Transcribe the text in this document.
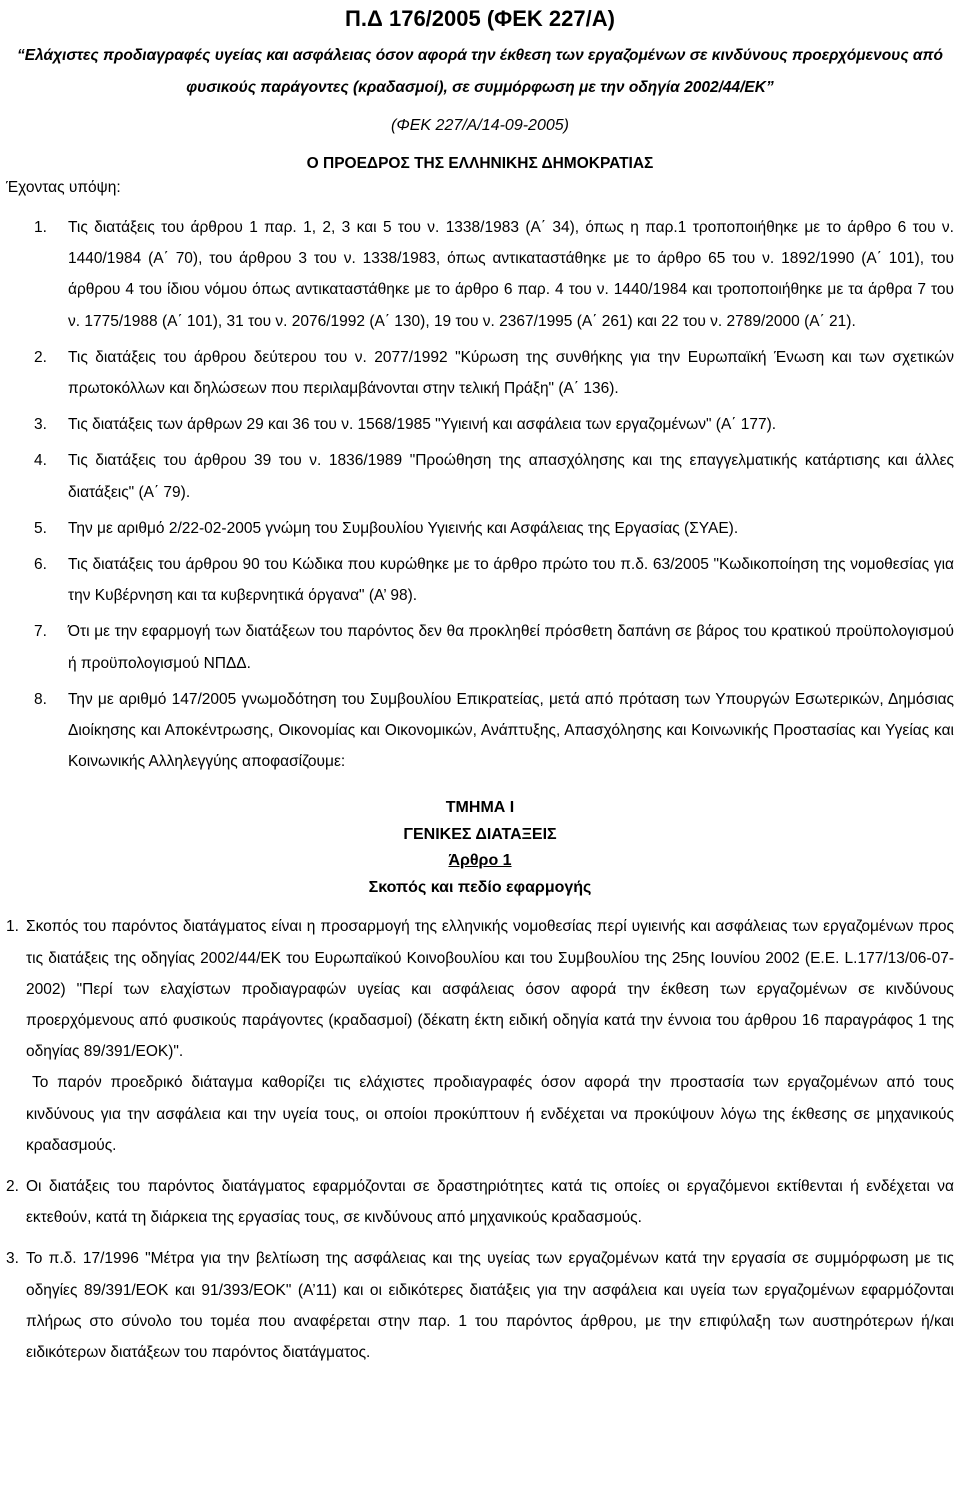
Π.Δ 176/2005 (ΦΕΚ 227/Α)

“Ελάχιστες προδιαγραφές υγείας και ασφάλειας όσον αφορά την έκθεση των εργαζομένων σε κινδύνους προερχόμενους από φυσικούς παράγοντες (κραδασμοί), σε συμμόρφωση με την οδηγία 2002/44/ΕΚ”

(ΦΕΚ 227/Α/14-09-2005)

Ο ΠΡΟΕΔΡΟΣ ΤΗΣ ΕΛΛΗΝΙΚΗΣ ΔΗΜΟΚΡΑΤΙΑΣ

Έχοντας υπόψη:

1.	Τις διατάξεις του άρθρου 1 παρ. 1, 2, 3 και 5 του ν. 1338/1983 (Α΄ 34), όπως η παρ.1 τροποποιήθηκε με το άρθρο 6 του ν. 1440/1984 (Α΄ 70), του άρθρου 3 του ν. 1338/1983, όπως αντικαταστάθηκε με το άρθρο 65 του ν. 1892/1990 (Α΄ 101), του άρθρου 4 του ίδιου νόμου όπως αντικαταστάθηκε με το άρθρο 6 παρ. 4 του ν. 1440/1984 και τροποποιήθηκε με τα άρθρα 7 του ν. 1775/1988 (Α΄ 101), 31 του ν. 2076/1992 (Α΄ 130), 19 του ν. 2367/1995 (Α΄ 261) και 22 του ν. 2789/2000 (Α΄ 21).
2.	Τις διατάξεις του άρθρου δεύτερου του ν. 2077/1992 "Κύρωση της συνθήκης για την Ευρωπαϊκή Ένωση και των σχετικών πρωτοκόλλων και δηλώσεων που περιλαμβάνονται στην τελική Πράξη" (Α΄ 136).
3.	Τις διατάξεις των άρθρων 29 και 36 του ν. 1568/1985 "Υγιεινή και ασφάλεια των εργαζομένων" (Α΄ 177).
4.	Τις διατάξεις του άρθρου 39 του ν. 1836/1989 "Προώθηση της απασχόλησης και της επαγγελματικής κατάρτισης και άλλες διατάξεις" (Α΄ 79).
5.	Την με αριθμό 2/22-02-2005 γνώμη του Συμβουλίου Υγιεινής και Ασφάλειας της Εργασίας (ΣΥΑΕ).
6.	Τις διατάξεις του άρθρου 90 του Κώδικα που κυρώθηκε με το άρθρο πρώτο του π.δ. 63/2005 "Κωδικοποίηση της νομοθεσίας για την Κυβέρνηση και τα κυβερνητικά όργανα" (Α’ 98).
7.	Ότι με την εφαρμογή των διατάξεων του παρόντος δεν θα προκληθεί πρόσθετη δαπάνη σε βάρος του κρατικού προϋπολογισμού ή προϋπολογισμού ΝΠΔΔ.
8.	Την με αριθμό 147/2005 γνωμοδότηση του Συμβουλίου Επικρατείας, μετά από πρόταση των Υπουργών Εσωτερικών, Δημόσιας Διοίκησης και Αποκέντρωσης, Οικονομίας και Οικονομικών, Ανάπτυξης, Απασχόλησης και Κοινωνικής Προστασίας και Υγείας και Κοινωνικής Αλληλεγγύης αποφασίζουμε:

ΤΜΗΜΑ Ι

ΓΕΝΙΚΕΣ ΔΙΑΤΑΞΕΙΣ

Άρθρο 1

Σκοπός και πεδίο εφαρμογής

1. Σκοπός του παρόντος διατάγματος είναι η προσαρμογή της ελληνικής νομοθεσίας περί υγιεινής και ασφάλειας των εργαζομένων προς τις διατάξεις της οδηγίας 2002/44/ΕΚ του Ευρωπαϊκού Κοινοβουλίου και του Συμβουλίου της 25ης Ιουνίου 2002 (Ε.Ε. L.177/13/06-07-2002) "Περί των ελαχίστων προδιαγραφών υγείας και ασφάλειας όσον αφορά την έκθεση των εργαζομένων σε κινδύνους προερχόμενους από φυσικούς παράγοντες (κραδασμοί) (δέκατη έκτη ειδική οδηγία κατά την έννοια του άρθρου 16 παραγράφος 1 της οδηγίας 89/391/ΕΟΚ)".

Το παρόν προεδρικό διάταγμα καθορίζει τις ελάχιστες προδιαγραφές όσον αφορά την προστασία των εργαζομένων από τους κινδύνους για την ασφάλεια και την υγεία τους, οι οποίοι προκύπτουν ή ενδέχεται να προκύψουν λόγω της έκθεσης σε μηχανικούς κραδασμούς.

2. Οι διατάξεις του παρόντος διατάγματος εφαρμόζονται σε δραστηριότητες κατά τις οποίες οι εργαζόμενοι εκτίθενται ή ενδέχεται να εκτεθούν, κατά τη διάρκεια της εργασίας τους, σε κινδύνους από μηχανικούς κραδασμούς.
3. Το π.δ. 17/1996 "Μέτρα για την βελτίωση της ασφάλειας και της υγείας των εργαζομένων κατά την εργασία σε συμμόρφωση με τις οδηγίες 89/391/ΕΟΚ και 91/393/ΕΟΚ" (Α’11) και οι ειδικότερες διατάξεις για την ασφάλεια και υγεία των εργαζομένων εφαρμόζονται πλήρως στο σύνολο του τομέα που αναφέρεται στην παρ. 1 του παρόντος άρθρου, με την επιφύλαξη των αυστηρότερων ή/και ειδικότερων διατάξεων του παρόντος διατάγματος.
